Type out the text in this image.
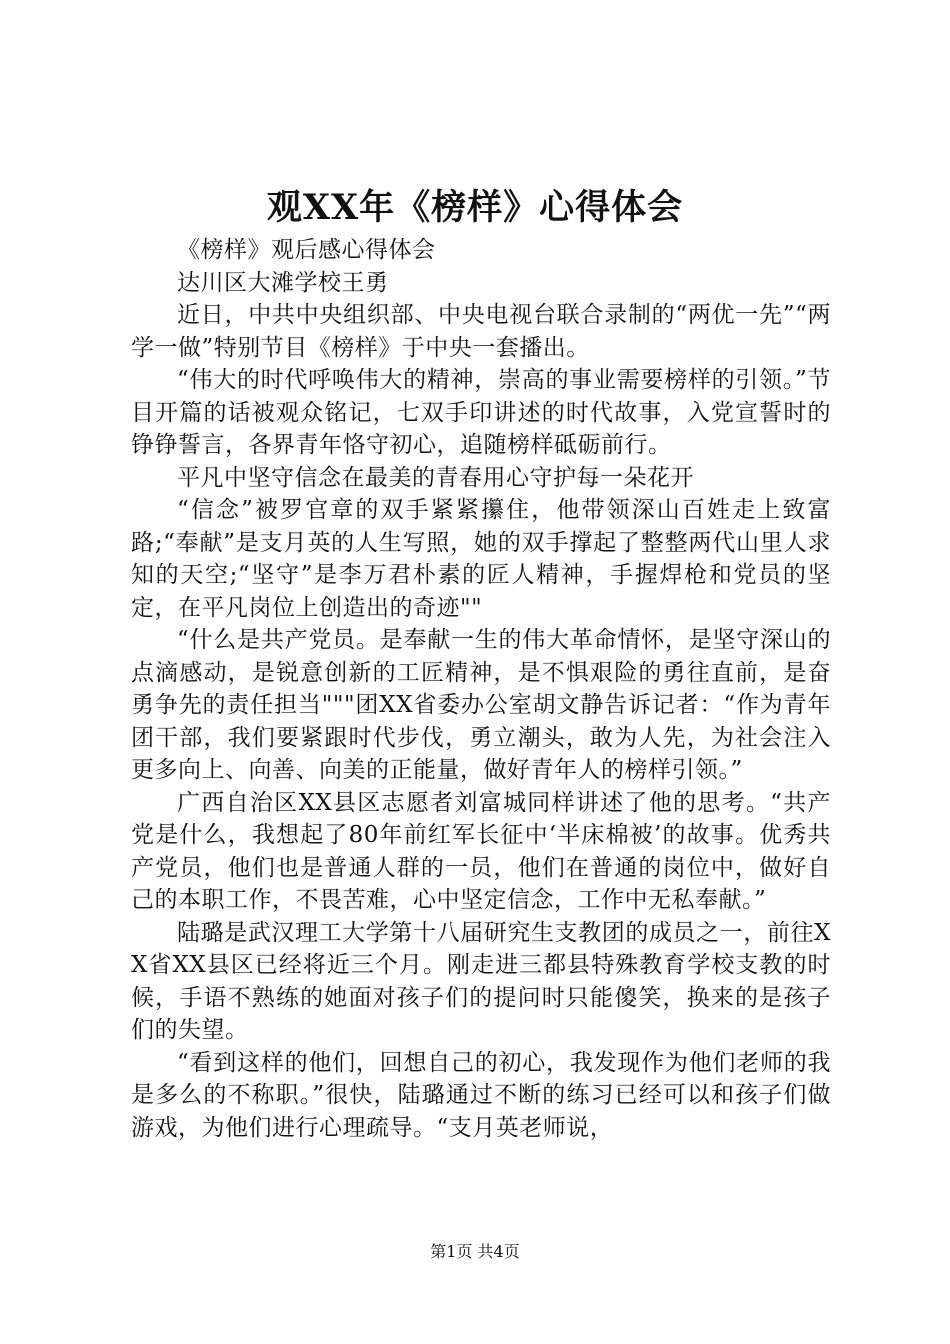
观XX年《榜样》心得体会

《榜样》观后感心得体会

达川区大滩学校王勇

近日，中共中央组织部、中央电视台联合录制的“两优一先”“两学一做”特别节目《榜样》于中央一套播出。

“伟大的时代呼唤伟大的精神，崇高的事业需要榜样的引领。”节目开篇的话被观众铭记，七双手印讲述的时代故事，入党宣誓时的铮铮誓言，各界青年恪守初心，追随榜样砥砺前行。

平凡中坚守信念在最美的青春用心守护每一朵花开

“信念”被罗官章的双手紧紧攥住，他带领深山百姓走上致富路;“奉献”是支月英的人生写照，她的双手撑起了整整两代山里人求知的天空;“坚守”是李万君朴素的匠人精神，手握焊枪和党员的坚定，在平凡岗位上创造出的奇迹""

“什么是共产党员。是奉献一生的伟大革命情怀，是坚守深山的点滴感动，是锐意创新的工匠精神，是不惧艰险的勇往直前，是奋勇争先的责任担当"""团XX省委办公室胡文静告诉记者：“作为青年团干部，我们要紧跟时代步伐，勇立潮头，敢为人先，为社会注入更多向上、向善、向美的正能量，做好青年人的榜样引领。”

广西自治区XX县区志愿者刘富城同样讲述了他的思考。“共产党是什么，我想起了80年前红军长征中‘半床棉被’的故事。优秀共产党员，他们也是普通人群的一员，他们在普通的岗位中，做好自己的本职工作，不畏苦难，心中坚定信念，工作中无私奉献。”

陆璐是武汉理工大学第十八届研究生支教团的成员之一，前往XX省XX县区已经将近三个月。刚走进三都县特殊教育学校支教的时候，手语不熟练的她面对孩子们的提问时只能傻笑，换来的是孩子们的失望。

“看到这样的他们，回想自己的初心，我发现作为他们老师的我是多么的不称职。”很快，陆璐通过不断的练习已经可以和孩子们做游戏，为他们进行心理疏导。“支月英老师说，

第1页 共4页
